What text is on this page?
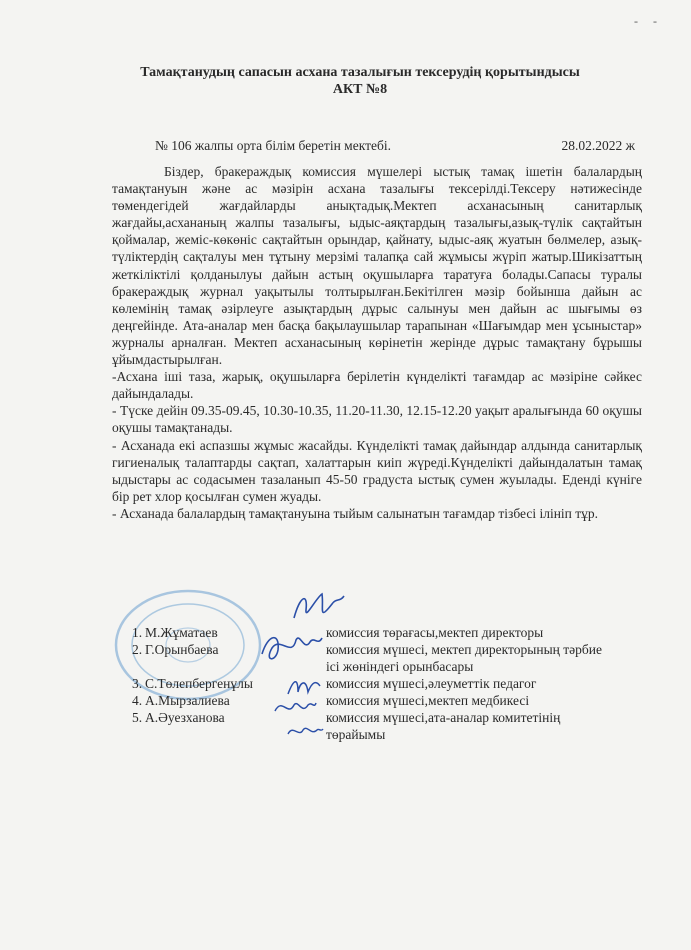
- -
Тамақтанудың сапасын асхана тазалығын тексерудің қорытындысы
АКТ №8
№ 106 жалпы орта білім беретін мектебі.	28.02.2022 ж

Біздер, бракераждық комиссия мүшелері ыстық тамақ ішетін балалардың тамақтануын және ас мәзірін асхана тазалығы тексерілді.Тексеру нәтижесінде төмендегідей жағдайларды анықтадық.Мектеп асханасының санитарлық жағдайы,асхананың жалпы тазалығы, ыдыс-аяқтардың тазалығы,азық-түлік сақтайтын қоймалар, жеміс-көкөніс сақтайтын орындар, қайнату, ыдыс-аяқ жуатын бөлмелер, азық-түліктердің сақталуы мен тұтыну мерзімі талапқа сай жұмысы жүріп жатыр.Шикізаттың жеткіліктілі қолданылуы дайын астың оқушыларға таратуға болады.Сапасы туралы бракераждық журнал уақытылы толтырылған.Бекітілген мәзір бойынша дайын ас көлемінің тамақ әзірлеуге азықтардың дұрыс салынуы мен дайын ас шығымы өз деңгейінде. Ата-аналар мен басқа бақылаушылар тарапынан «Шағымдар мен ұсыныстар» журналы арналған. Мектеп асханасының көрінетін жерінде дұрыс тамақтану бұрышы ұйымдастырылған.

-Асхана іші таза, жарық, оқушыларға берілетін күнделікті тағамдар ас мәзіріне сәйкес дайындалады.

- Түске дейін 09.35-09.45, 10.30-10.35, 11.20-11.30, 12.15-12.20 уақыт аралығында 60 оқушы оқушы тамақтанады.

- Асханада екі аспазшы жұмыс жасайды. Күнделікті тамақ дайындар алдында санитарлық гигиеналық талаптарды сақтап, халаттарын киіп жүреді.Күнделікті дайындалатын тамақ ыдыстары ас содасымен тазаланып 45-50 градуста ыстық сумен жуылады. Еденді күніге бір рет хлор қосылған сумен жуады.

- Асханада балалардың тамақтануына тыйым салынатын тағамдар тізбесі ілініп тұр.

1. М.Жұматаев	комиссия төрағасы,мектеп директоры
2. Г.Орынбаева	комиссия мүшесі, мектеп директорының тәрбие ісі жөніндегі орынбасары
3. С.Төлепбергенұлы	комиссия мүшесі,әлеуметтік педагог
4. А.Мырзалиева	комиссия мүшесі,мектеп медбикесі
5. А.Әуезханова	комиссия мүшесі,ата-аналар комитетінің төрайымы
